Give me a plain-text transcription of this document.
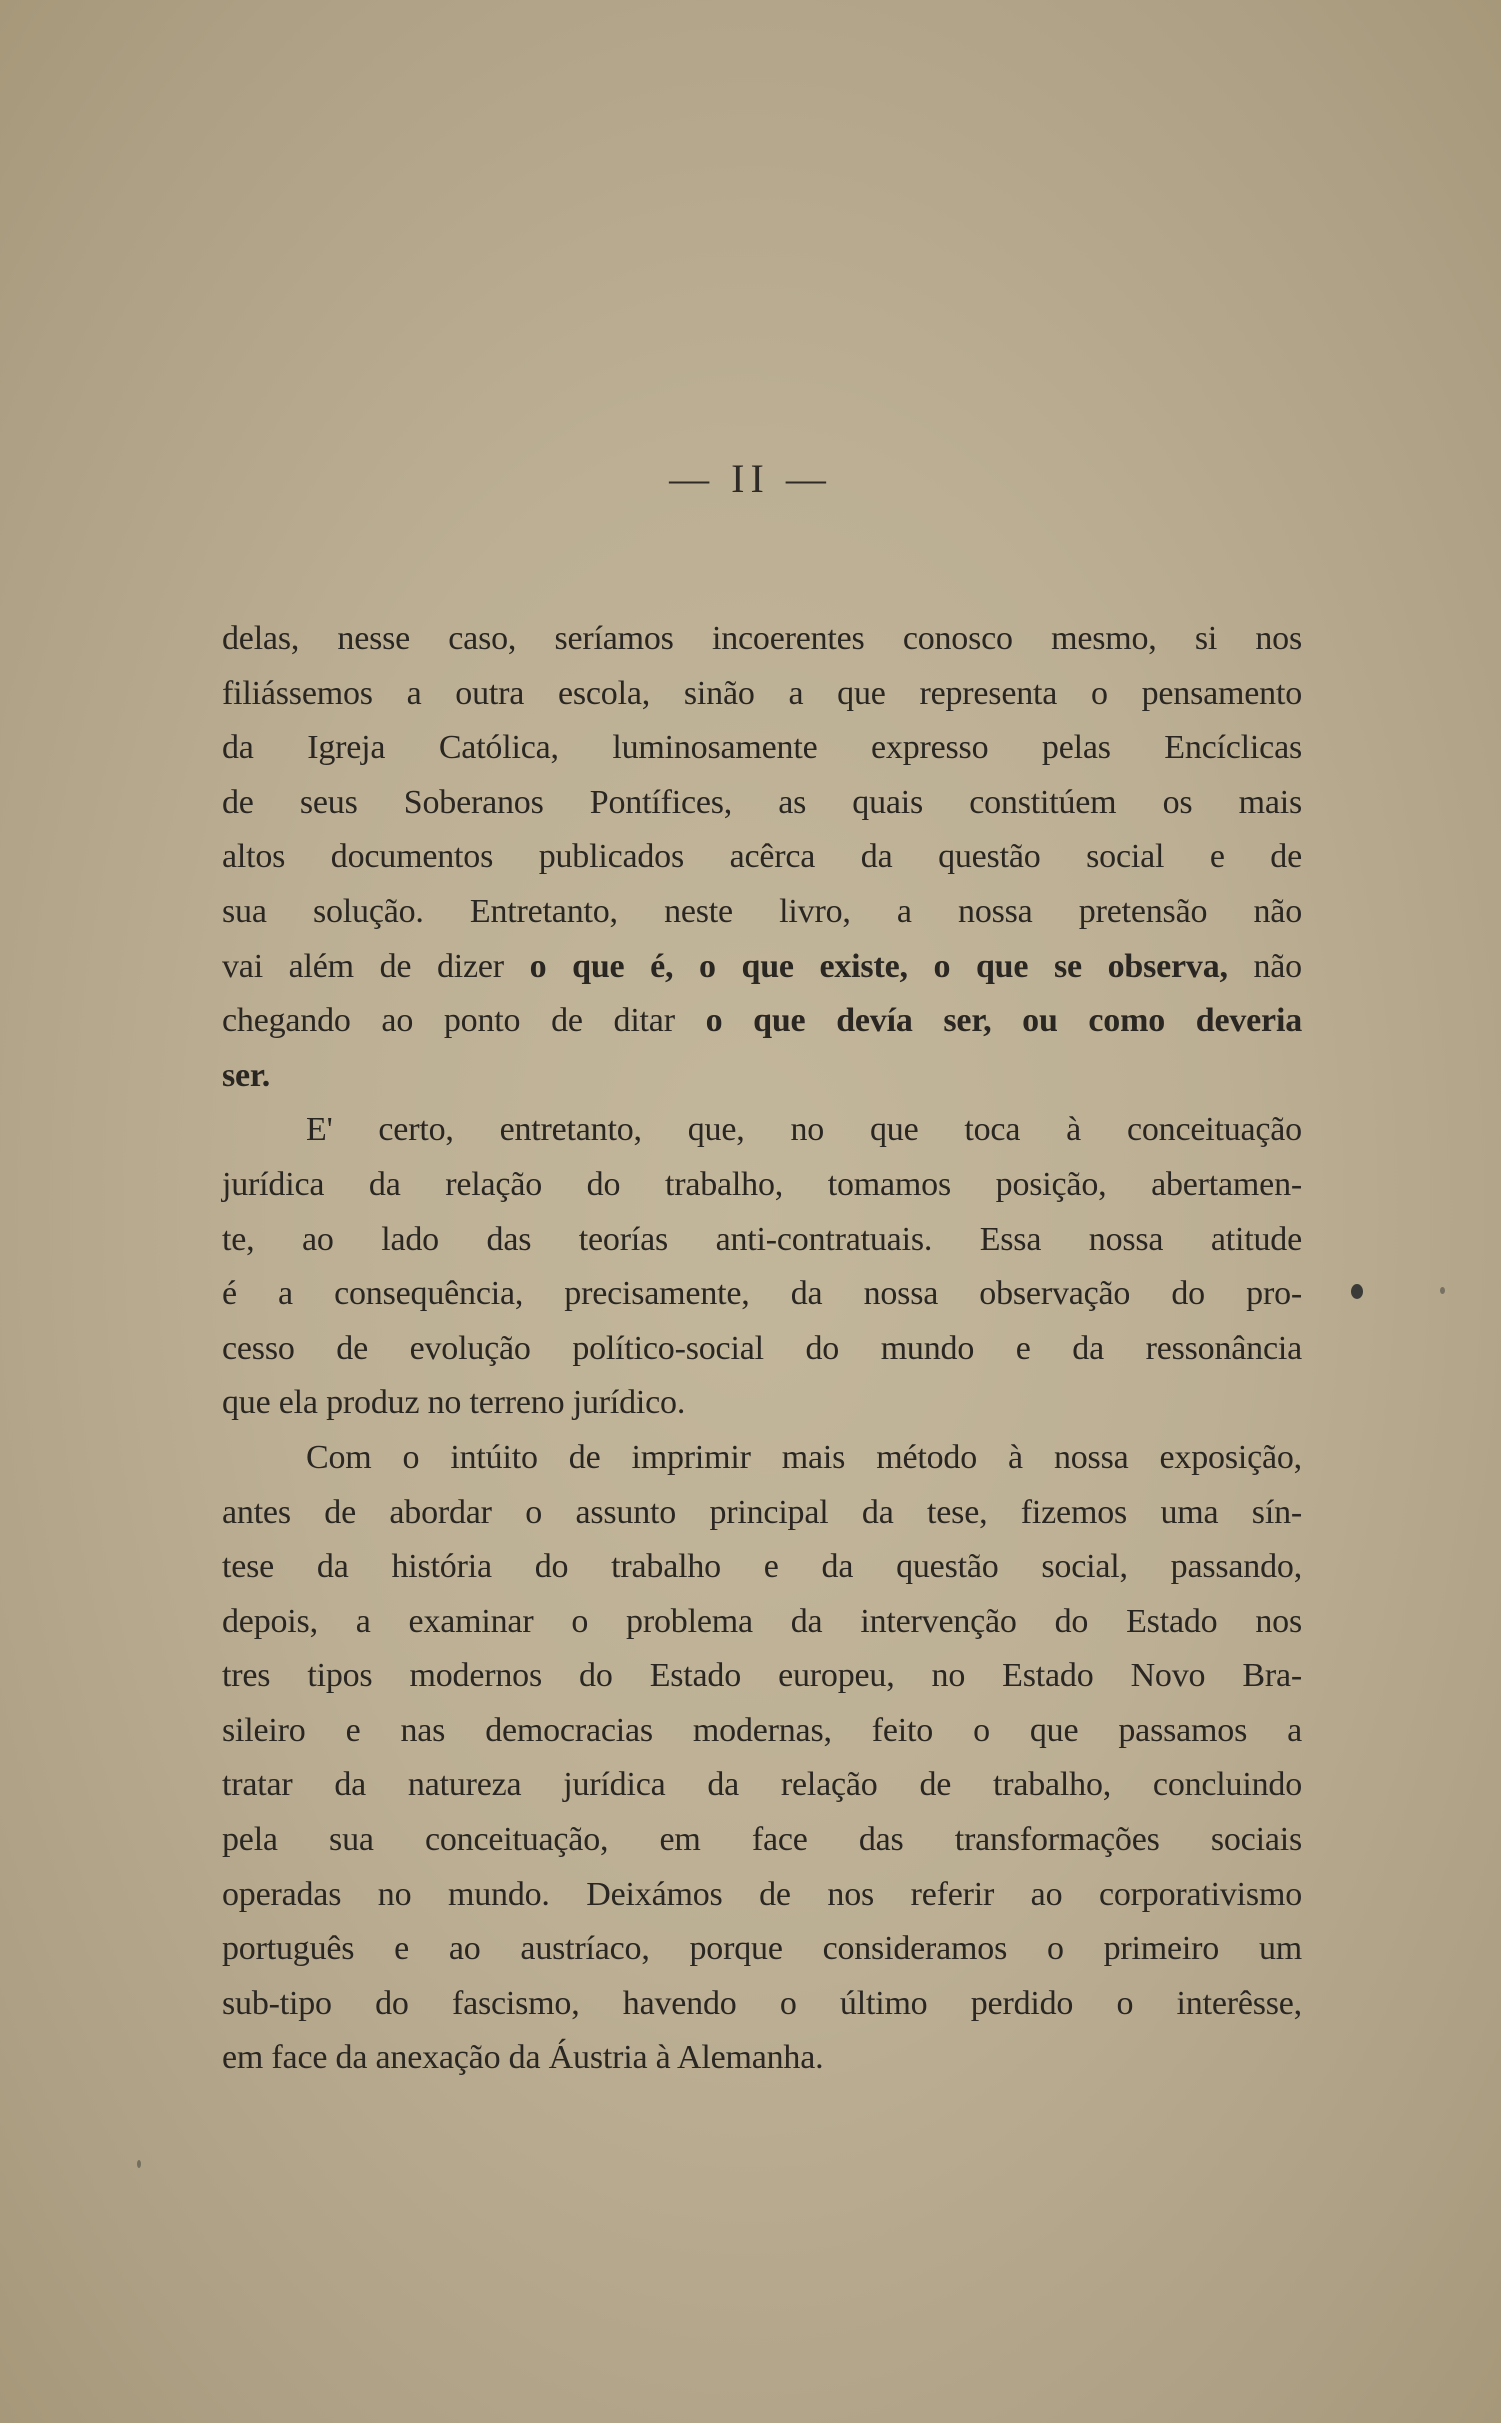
— II —
delas, nesse caso, seríamos incoerentes conosco mesmo, si nos
filiássemos a outra escola, sinão a que representa o pensamento
da Igreja Católica, luminosamente expresso pelas Encíclicas
de seus Soberanos Pontífices, as quais constitúem os mais
altos documentos publicados acêrca da questão social e de
sua solução. Entretanto, neste livro, a nossa pretensão não
vai além de dizer o que é, o que existe, o que se observa, não
chegando ao ponto de ditar o que devía ser, ou como deveria
ser.
E' certo, entretanto, que, no que toca à conceituação
jurídica da relação do trabalho, tomamos posição, abertamen-
te, ao lado das teorías anti-contratuais. Essa nossa atitude
é a consequência, precisamente, da nossa observação do pro-
cesso de evolução político-social do mundo e da ressonância
que ela produz no terreno jurídico.
Com o intúito de imprimir mais método à nossa exposição,
antes de abordar o assunto principal da tese, fizemos uma sín-
tese da história do trabalho e da questão social, passando,
depois, a examinar o problema da intervenção do Estado nos
tres tipos modernos do Estado europeu, no Estado Novo Bra-
sileiro e nas democracias modernas, feito o que passamos a
tratar da natureza jurídica da relação de trabalho, concluindo
pela sua conceituação, em face das transformações sociais
operadas no mundo. Deixámos de nos referir ao corporativismo
português e ao austríaco, porque consideramos o primeiro um
sub-tipo do fascismo, havendo o último perdido o interêsse,
em face da anexação da Áustria à Alemanha.
